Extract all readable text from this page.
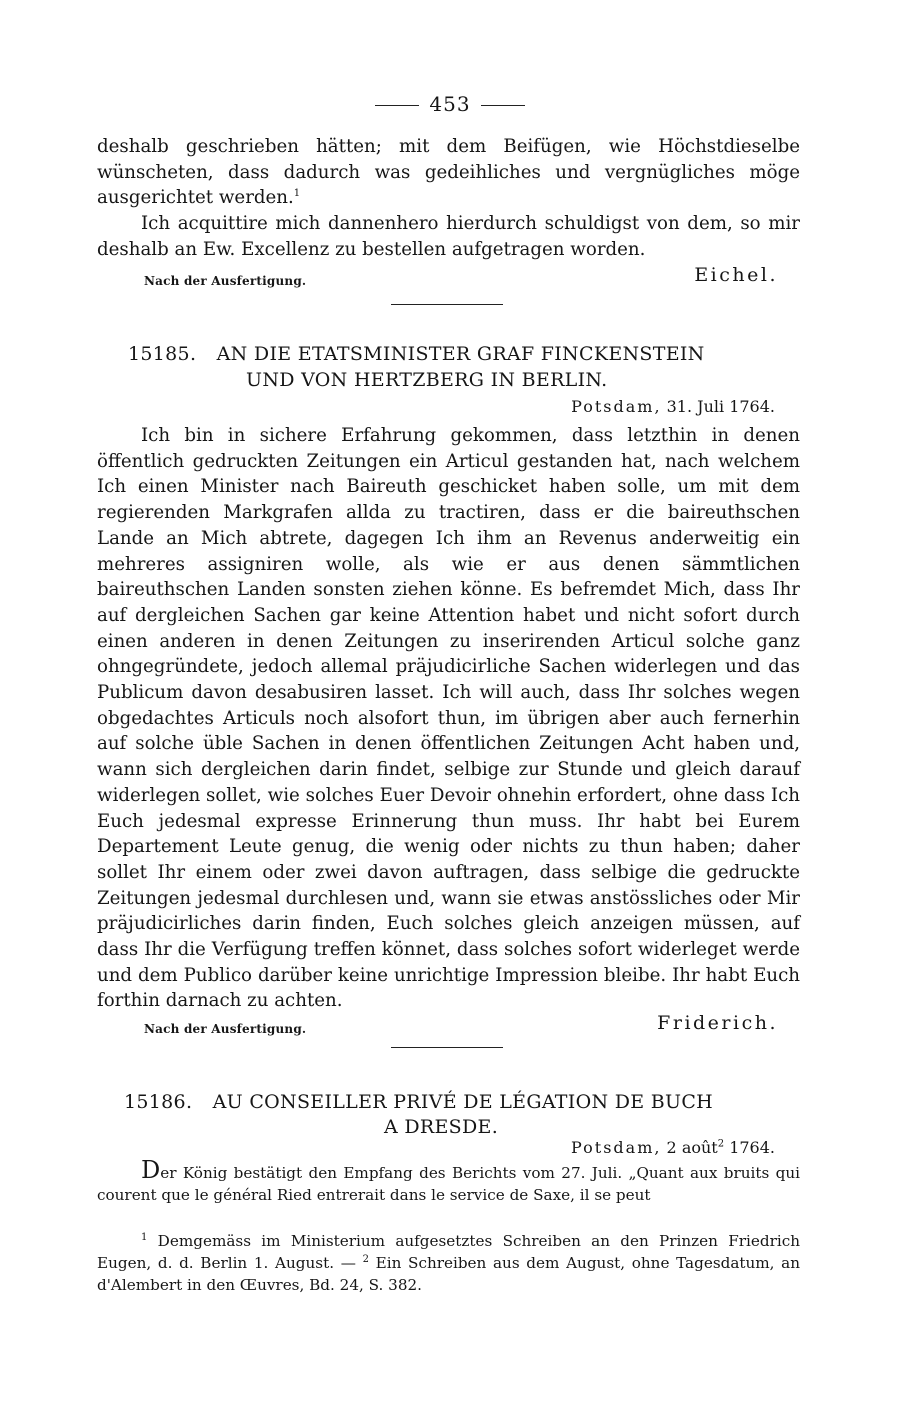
453

deshalb geschrieben hätten; mit dem Beifügen, wie Höchstdieselbe wünscheten, dass dadurch was gedeihliches und vergnügliches möge ausgerichtet werden.$^1$

Ich acquittire mich dannenhero hierdurch schuldigst von dem, so mir deshalb an Ew. Excellenz zu bestellen aufgetragen worden.

Nach der Ausfertigung.	Eichel.
15185. AN DIE ETATSMINISTER GRAF FINCKENSTEIN
UND VON HERTZBERG IN BERLIN.
Potsdam, 31. Juli 1764.

Ich bin in sichere Erfahrung gekommen, dass letzthin in denen öffentlich gedruckten Zeitungen ein Articul gestanden hat, nach welchem Ich einen Minister nach Baireuth geschicket haben solle, um mit dem regierenden Markgrafen allda zu tractiren, dass er die baireuthschen Lande an Mich abtrete, dagegen Ich ihm an Revenus anderweitig ein mehreres assigniren wolle, als wie er aus denen sämmtlichen baireuthschen Landen sonsten ziehen könne. Es befremdet Mich, dass Ihr auf dergleichen Sachen gar keine Attention habet und nicht sofort durch einen anderen in denen Zeitungen zu inserirenden Articul solche ganz ohngegründete, jedoch allemal präjudicirliche Sachen widerlegen und das Publicum davon desabusiren lasset. Ich will auch, dass Ihr solches wegen obgedachtes Articuls noch alsofort thun, im übrigen aber auch fernerhin auf solche üble Sachen in denen öffentlichen Zeitungen Acht haben und, wann sich dergleichen darin findet, selbige zur Stunde und gleich darauf widerlegen sollet, wie solches Euer Devoir ohnehin erfordert, ohne dass Ich Euch jedesmal expresse Erinnerung thun muss. Ihr habt bei Eurem Departement Leute genug, die wenig oder nichts zu thun haben; daher sollet Ihr einem oder zwei davon auftragen, dass selbige die gedruckte Zeitungen jedesmal durchlesen und, wann sie etwas anstössliches oder Mir präjudicirliches darin finden, Euch solches gleich anzeigen müssen, auf dass Ihr die Verfügung treffen könnet, dass solches sofort widerleget werde und dem Publico darüber keine unrichtige Impression bleibe. Ihr habt Euch forthin darnach zu achten.

Nach der Ausfertigung.	Friderich.
15186. AU CONSEILLER PRIVÉ DE LÉGATION DE BUCH
A DRESDE.
Potsdam, 2 août$^2$ 1764.

Der König bestätigt den Empfang des Berichts vom 27. Juli. „Quant aux bruits qui courent que le général Ried entrerait dans le service de Saxe, il se peut

$^1$ Demgemäss im Ministerium aufgesetztes Schreiben an den Prinzen Friedrich Eugen, d. d. Berlin 1. August. — $^2$ Ein Schreiben aus dem August, ohne Tagesdatum, an d'Alembert in den Œuvres, Bd. 24, S. 382.
